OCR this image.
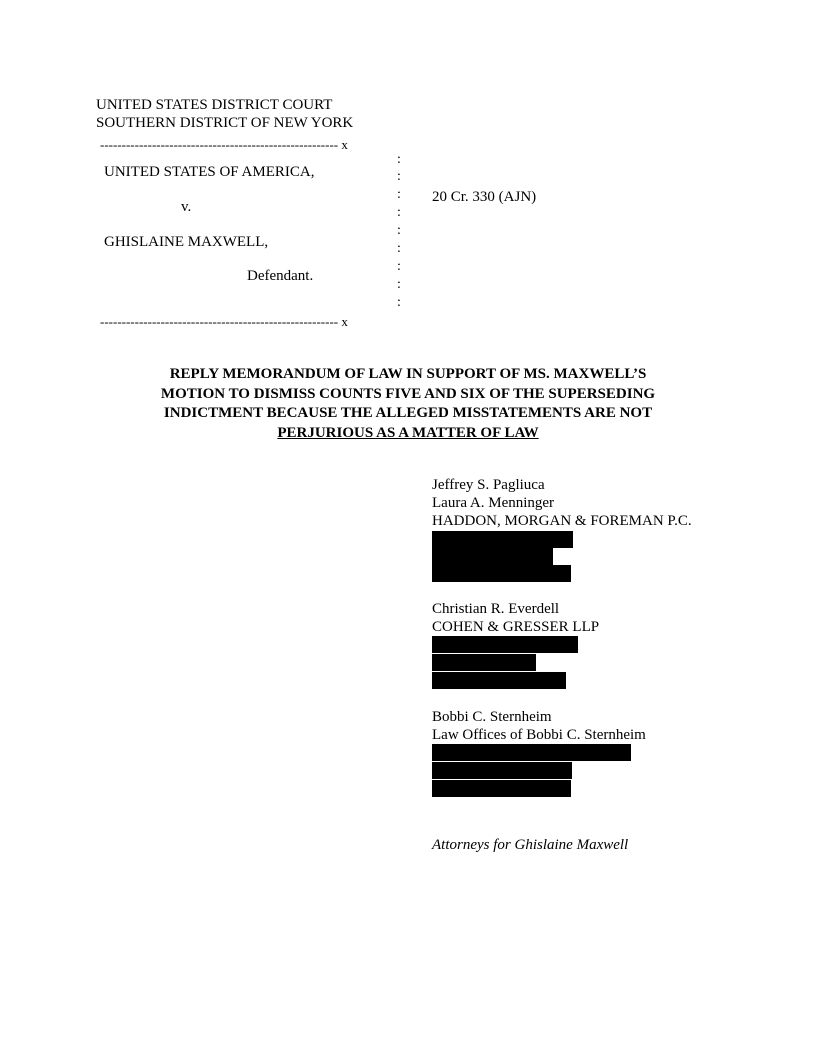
UNITED STATES DISTRICT COURT
SOUTHERN DISTRICT OF NEW YORK
------------------------------------------------------- x
:
:
:
:
:
:
:
:
:
UNITED STATES OF AMERICA,
v.
GHISLAINE MAXWELL,
Defendant.
20 Cr. 330 (AJN)
------------------------------------------------------- x
REPLY MEMORANDUM OF LAW IN SUPPORT OF MS. MAXWELL’S
MOTION TO DISMISS COUNTS FIVE AND SIX OF THE SUPERSEDING
INDICTMENT BECAUSE THE ALLEGED MISSTATEMENTS ARE NOT
PERJURIOUS AS A MATTER OF LAW
Jeffrey S. Pagliuca
Laura A. Menninger
HADDON, MORGAN & FOREMAN P.C.
Christian R. Everdell
COHEN & GRESSER LLP
Bobbi C. Sternheim
Law Offices of Bobbi C. Sternheim
Attorneys for Ghislaine Maxwell
